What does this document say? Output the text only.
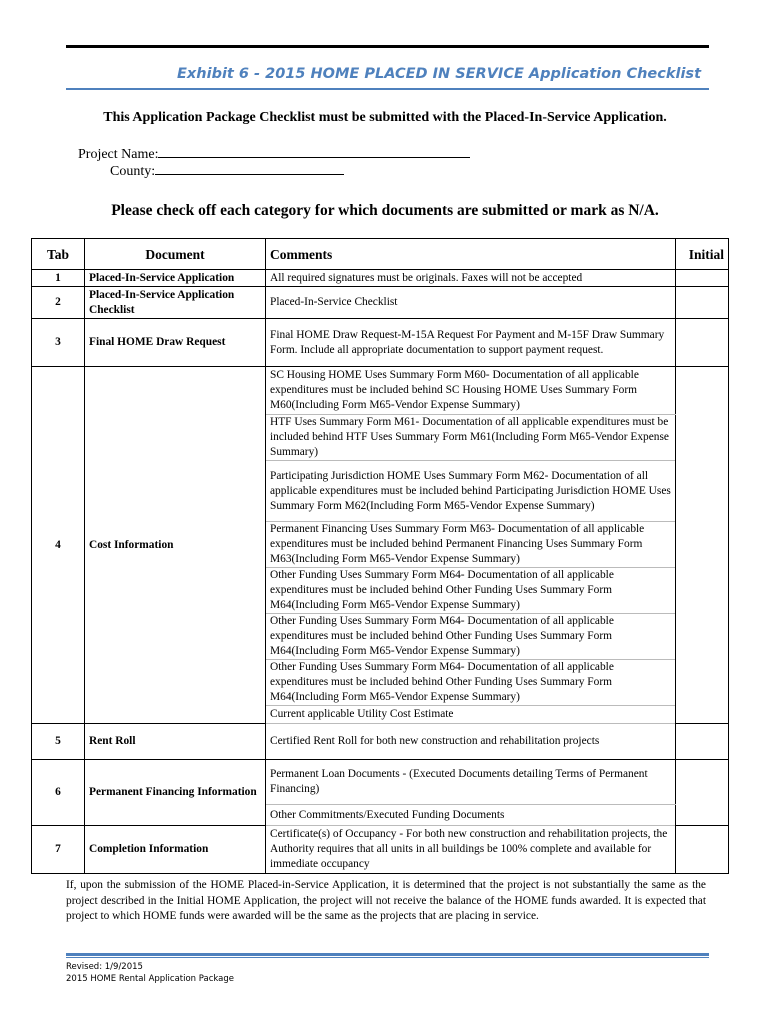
Exhibit 6 - 2015 HOME PLACED IN SERVICE Application Checklist
This Application Package Checklist must be submitted with the Placed-In-Service Application.
Project Name:
County:
Please check off each category for which documents are submitted or mark as N/A.
Tab	Document	Comments	Initial
1	Placed-In-Service Application	All required signatures must be originals. Faxes will not be accepted	
2	Placed-In-Service Application Checklist	Placed-In-Service Checklist	
3	Final HOME Draw Request	Final HOME Draw Request-M-15A Request For Payment and M-15F Draw Summary Form. Include all appropriate documentation to support payment request.	
4	Cost Information	SC Housing HOME Uses Summary Form M60- Documentation of all applicable expenditures must be included behind SC Housing HOME Uses Summary Form M60(Including Form M65-Vendor Expense Summary)	
		HTF Uses Summary Form M61- Documentation of all applicable expenditures must be included behind HTF Uses Summary Form M61(Including Form M65-Vendor Expense Summary)	
		Participating Jurisdiction HOME Uses Summary Form M62- Documentation of all applicable expenditures must be included behind Participating Jurisdiction HOME Uses Summary Form M62(Including Form M65-Vendor Expense Summary)	
		Permanent Financing Uses Summary Form M63- Documentation of all applicable expenditures must be included behind Permanent Financing Uses Summary Form M63(Including Form M65-Vendor Expense Summary)	
		Other Funding Uses Summary Form M64- Documentation of all applicable expenditures must be included behind Other Funding Uses Summary Form M64(Including Form M65-Vendor Expense Summary)	
		Other Funding Uses Summary Form M64- Documentation of all applicable expenditures must be included behind Other Funding Uses Summary Form M64(Including Form M65-Vendor Expense Summary)	
		Other Funding Uses Summary Form M64- Documentation of all applicable expenditures must be included behind Other Funding Uses Summary Form M64(Including Form M65-Vendor Expense Summary)	
		Current applicable Utility Cost Estimate	
5	Rent Roll	Certified Rent Roll for both new construction and rehabilitation projects	
6	Permanent Financing Information	Permanent Loan Documents - (Executed Documents detailing Terms of Permanent Financing)	
		Other Commitments/Executed Funding Documents	
7	Completion Information	Certificate(s) of Occupancy - For both new construction and rehabilitation projects, the Authority requires that all units in all buildings be 100% complete and available for immediate occupancy	
If, upon the submission of the HOME Placed-in-Service Application, it is determined that the project is not substantially the same as the project described in the Initial HOME Application, the project will not receive the balance of the HOME funds awarded. It is expected that project to which HOME funds were awarded will be the same as the projects that are placing in service.
Revised: 1/9/2015
2015 HOME Rental Application Package
